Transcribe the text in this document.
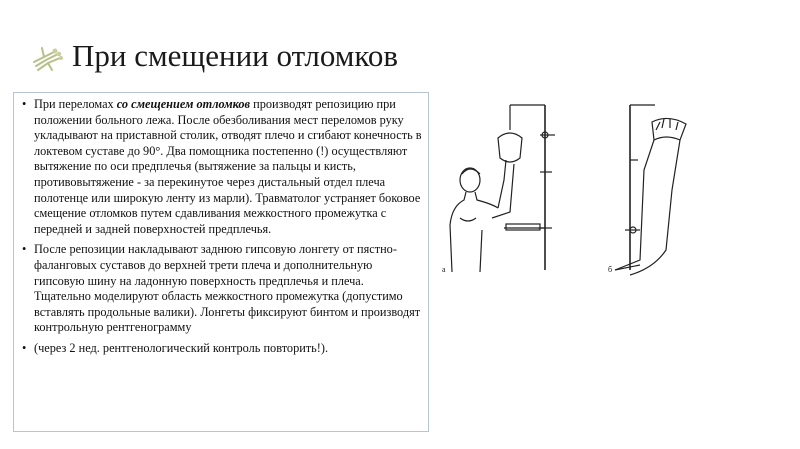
При смещении отломков

• При переломах со смещением отломков производят репозицию при положении больного лежа. После обезболивания мест переломов руку укладывают на приставной столик, отводят плечо и сгибают конечность в локтевом суставе до 90°. Два помощника постепенно (!) осуществляют вытяжение по оси предплечья (вытяжение за пальцы и кисть, противовытяжение - за перекинутое через дистальный отдел плеча полотенце или широкую ленту из марли). Травматолог устраняет боковое смещение отломков путем сдавливания межкостного промежутка с передней и задней поверхностей предплечья.

• После репозиции накладывают заднюю гипсовую лонгету от пястно-фаланговых суставов до верхней трети плеча и дополнительную гипсовую шину на ладонную поверхность предплечья и плеча. Тщательно моделируют область межкостного промежутка (допустимо вставлять продольные валики). Лонгеты фиксируют бинтом и производят контрольную рентгенограмму

• (через 2 нед. рентгенологический контроль повторить!).

а	б
